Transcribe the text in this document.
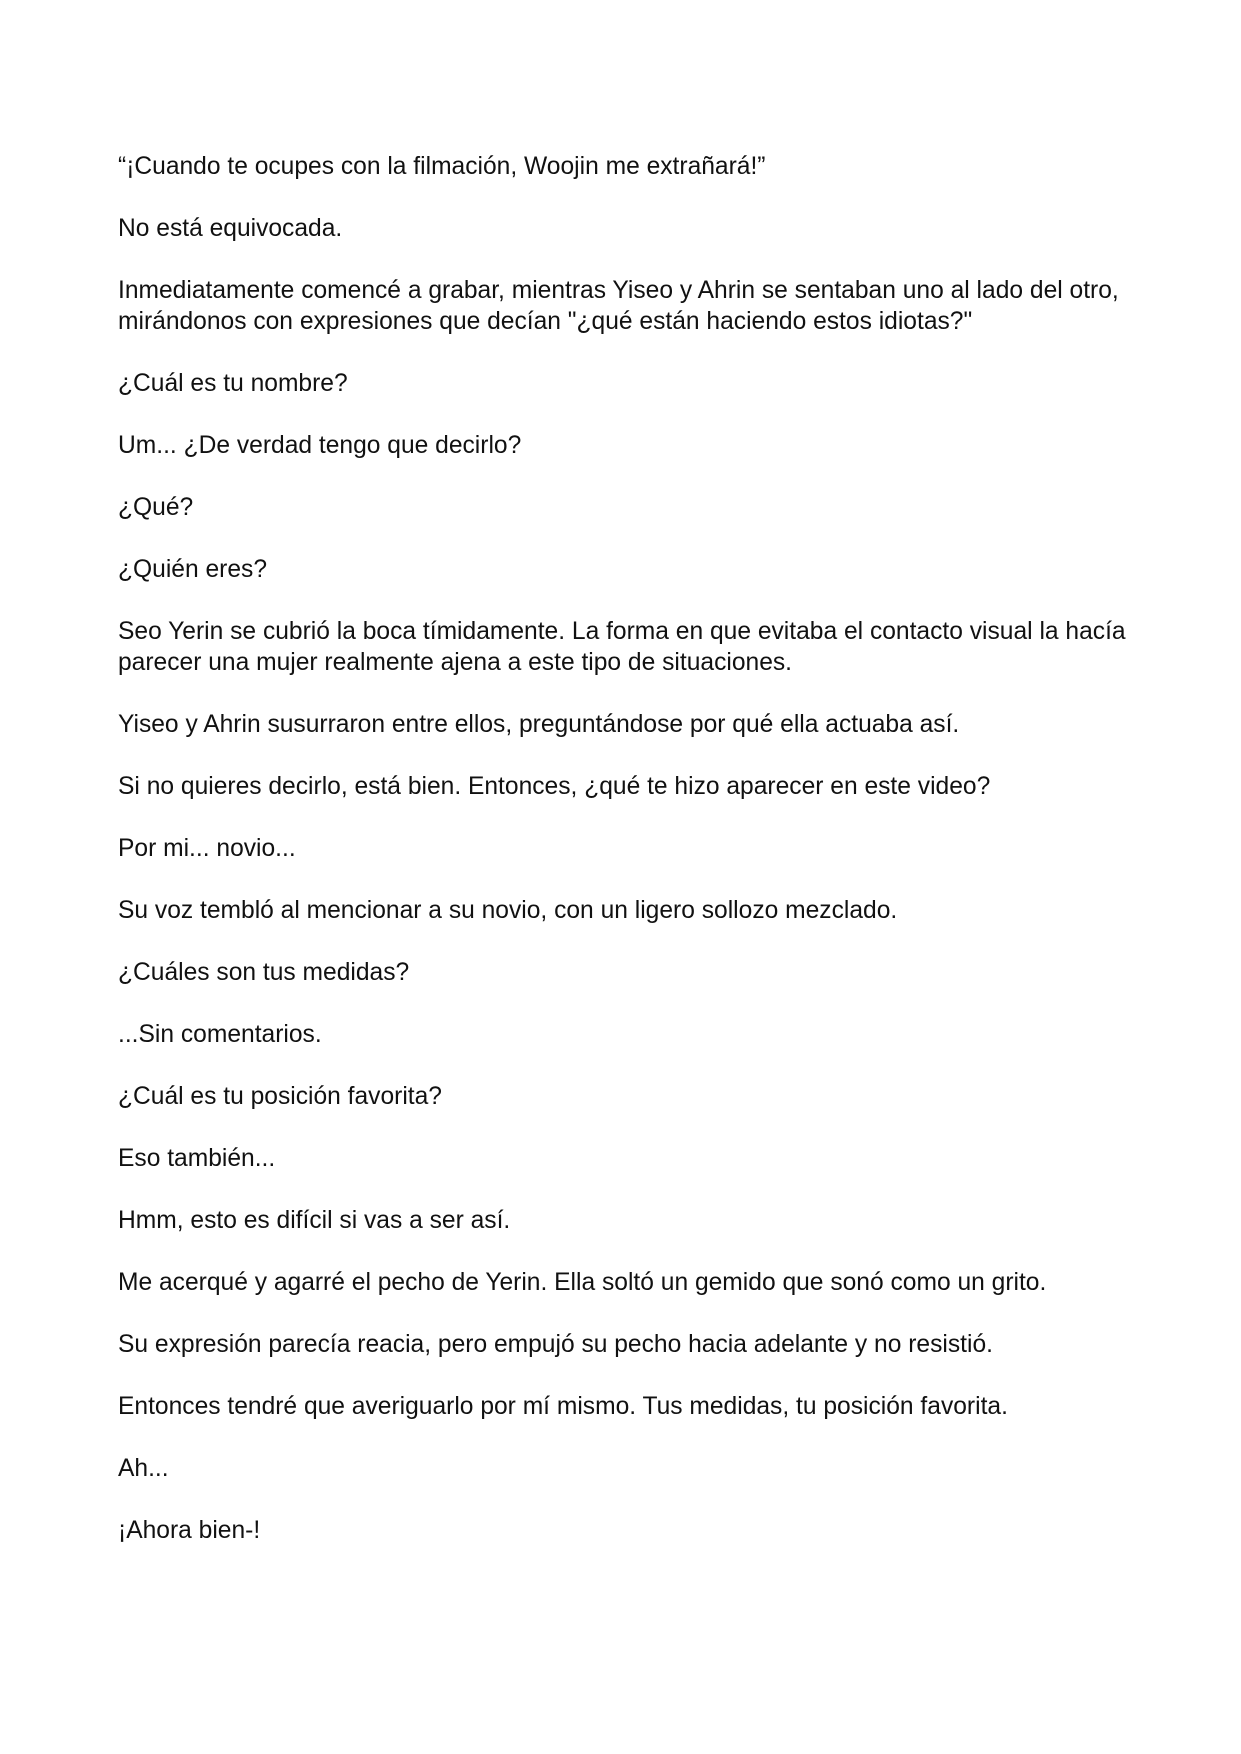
“¡Cuando te ocupes con la filmación, Woojin me extrañará!”

No está equivocada.

Inmediatamente comencé a grabar, mientras Yiseo y Ahrin se sentaban uno al lado del otro, mirándonos con expresiones que decían "¿qué están haciendo estos idiotas?"

¿Cuál es tu nombre?

Um... ¿De verdad tengo que decirlo?

¿Qué?

¿Quién eres?

Seo Yerin se cubrió la boca tímidamente. La forma en que evitaba el contacto visual la hacía parecer una mujer realmente ajena a este tipo de situaciones.

Yiseo y Ahrin susurraron entre ellos, preguntándose por qué ella actuaba así.

Si no quieres decirlo, está bien. Entonces, ¿qué te hizo aparecer en este video?

Por mi... novio...

Su voz tembló al mencionar a su novio, con un ligero sollozo mezclado.

¿Cuáles son tus medidas?

...Sin comentarios.

¿Cuál es tu posición favorita?

Eso también...

Hmm, esto es difícil si vas a ser así.

Me acerqué y agarré el pecho de Yerin. Ella soltó un gemido que sonó como un grito.

Su expresión parecía reacia, pero empujó su pecho hacia adelante y no resistió.

Entonces tendré que averiguarlo por mí mismo. Tus medidas, tu posición favorita.

Ah...

¡Ahora bien-!
